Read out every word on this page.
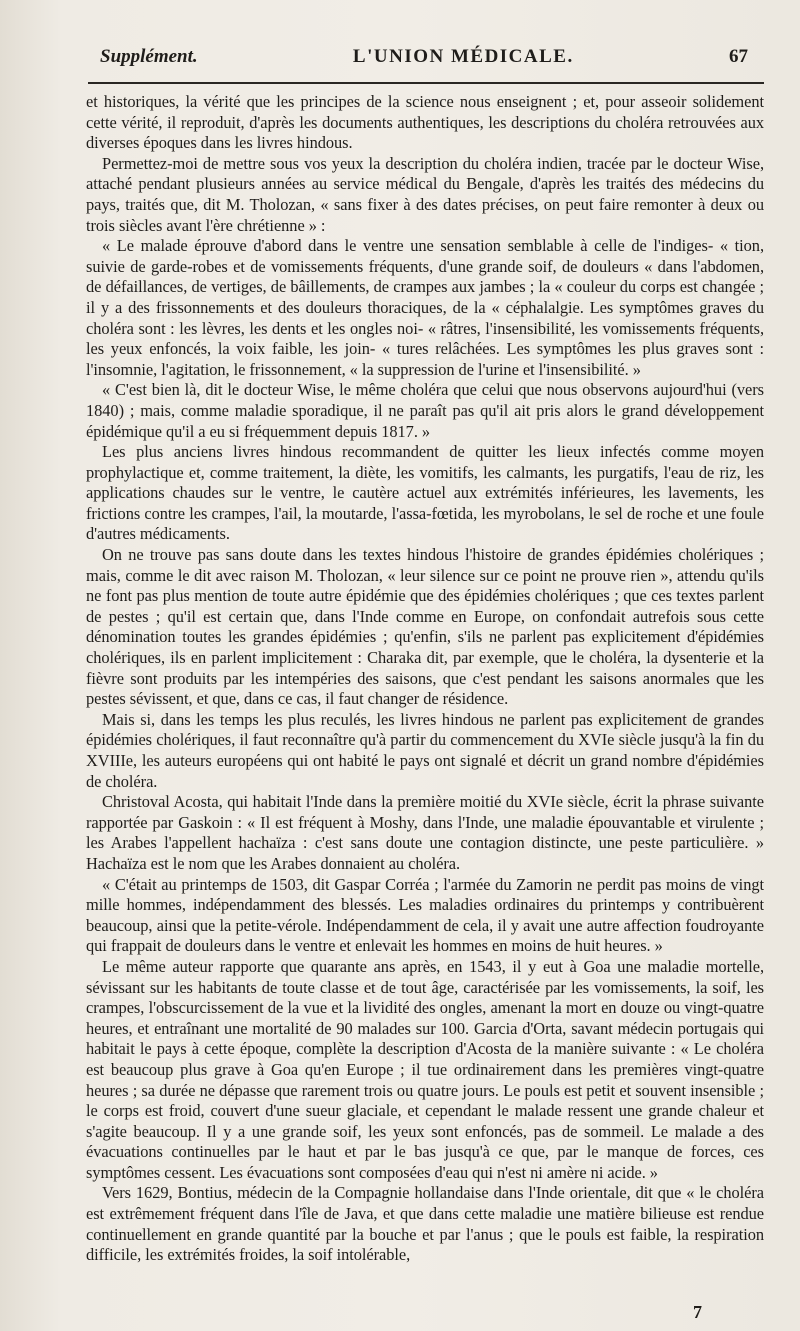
Supplément.	L'UNION MÉDICALE.	67

et historiques, la vérité que les principes de la science nous enseignent ; et, pour asseoir solidement cette vérité, il reproduit, d'après les documents authentiques, les descriptions du choléra retrouvées aux diverses époques dans les livres hindous.

Permettez-moi de mettre sous vos yeux la description du choléra indien, tracée par le docteur Wise, attaché pendant plusieurs années au service médical du Bengale, d'après les traités des médecins du pays, traités que, dit M. Tholozan, « sans fixer à des dates précises, on peut faire remonter à deux ou trois siècles avant l'ère chrétienne » :

« Le malade éprouve d'abord dans le ventre une sensation semblable à celle de l'indiges- « tion, suivie de garde-robes et de vomissements fréquents, d'une grande soif, de douleurs « dans l'abdomen, de défaillances, de vertiges, de bâillements, de crampes aux jambes ; la « couleur du corps est changée ; il y a des frissonnements et des douleurs thoraciques, de la « céphalalgie. Les symptômes graves du choléra sont : les lèvres, les dents et les ongles noi- « râtres, l'insensibilité, les vomissements fréquents, les yeux enfoncés, la voix faible, les join- « tures relâchées. Les symptômes les plus graves sont : l'insomnie, l'agitation, le frissonnement, « la suppression de l'urine et l'insensibilité. »

« C'est bien là, dit le docteur Wise, le même choléra que celui que nous observons aujourd'hui (vers 1840) ; mais, comme maladie sporadique, il ne paraît pas qu'il ait pris alors le grand développement épidémique qu'il a eu si fréquemment depuis 1817. »

Les plus anciens livres hindous recommandent de quitter les lieux infectés comme moyen prophylactique et, comme traitement, la diète, les vomitifs, les calmants, les purgatifs, l'eau de riz, les applications chaudes sur le ventre, le cautère actuel aux extrémités inférieures, les lavements, les frictions contre les crampes, l'ail, la moutarde, l'assa-fœtida, les myrobolans, le sel de roche et une foule d'autres médicaments.

On ne trouve pas sans doute dans les textes hindous l'histoire de grandes épidémies cholériques ; mais, comme le dit avec raison M. Tholozan, « leur silence sur ce point ne prouve rien », attendu qu'ils ne font pas plus mention de toute autre épidémie que des épidémies cholériques ; que ces textes parlent de pestes ; qu'il est certain que, dans l'Inde comme en Europe, on confondait autrefois sous cette dénomination toutes les grandes épidémies ; qu'enfin, s'ils ne parlent pas explicitement d'épidémies cholériques, ils en parlent implicitement : Charaka dit, par exemple, que le choléra, la dysenterie et la fièvre sont produits par les intempéries des saisons, que c'est pendant les saisons anormales que les pestes sévissent, et que, dans ce cas, il faut changer de résidence.

Mais si, dans les temps les plus reculés, les livres hindous ne parlent pas explicitement de grandes épidémies cholériques, il faut reconnaître qu'à partir du commencement du XVIe siècle jusqu'à la fin du XVIIIe, les auteurs européens qui ont habité le pays ont signalé et décrit un grand nombre d'épidémies de choléra.

Christoval Acosta, qui habitait l'Inde dans la première moitié du XVIe siècle, écrit la phrase suivante rapportée par Gaskoin : « Il est fréquent à Moshy, dans l'Inde, une maladie épouvantable et virulente ; les Arabes l'appellent hachaïza : c'est sans doute une contagion distincte, une peste particulière. » Hachaïza est le nom que les Arabes donnaient au choléra.

« C'était au printemps de 1503, dit Gaspar Corréa ; l'armée du Zamorin ne perdit pas moins de vingt mille hommes, indépendamment des blessés. Les maladies ordinaires du printemps y contribuèrent beaucoup, ainsi que la petite-vérole. Indépendamment de cela, il y avait une autre affection foudroyante qui frappait de douleurs dans le ventre et enlevait les hommes en moins de huit heures. »

Le même auteur rapporte que quarante ans après, en 1543, il y eut à Goa une maladie mortelle, sévissant sur les habitants de toute classe et de tout âge, caractérisée par les vomissements, la soif, les crampes, l'obscurcissement de la vue et la lividité des ongles, amenant la mort en douze ou vingt-quatre heures, et entraînant une mortalité de 90 malades sur 100. Garcia d'Orta, savant médecin portugais qui habitait le pays à cette époque, complète la description d'Acosta de la manière suivante : « Le choléra est beaucoup plus grave à Goa qu'en Europe ; il tue ordinairement dans les premières vingt-quatre heures ; sa durée ne dépasse que rarement trois ou quatre jours. Le pouls est petit et souvent insensible ; le corps est froid, couvert d'une sueur glaciale, et cependant le malade ressent une grande chaleur et s'agite beaucoup. Il y a une grande soif, les yeux sont enfoncés, pas de sommeil. Le malade a des évacuations continuelles par le haut et par le bas jusqu'à ce que, par le manque de forces, ces symptômes cessent. Les évacuations sont composées d'eau qui n'est ni amère ni acide. »

Vers 1629, Bontius, médecin de la Compagnie hollandaise dans l'Inde orientale, dit que « le choléra est extrêmement fréquent dans l'île de Java, et que dans cette maladie une matière bilieuse est rendue continuellement en grande quantité par la bouche et par l'anus ; que le pouls est faible, la respiration difficile, les extrémités froides, la soif intolérable,

7
